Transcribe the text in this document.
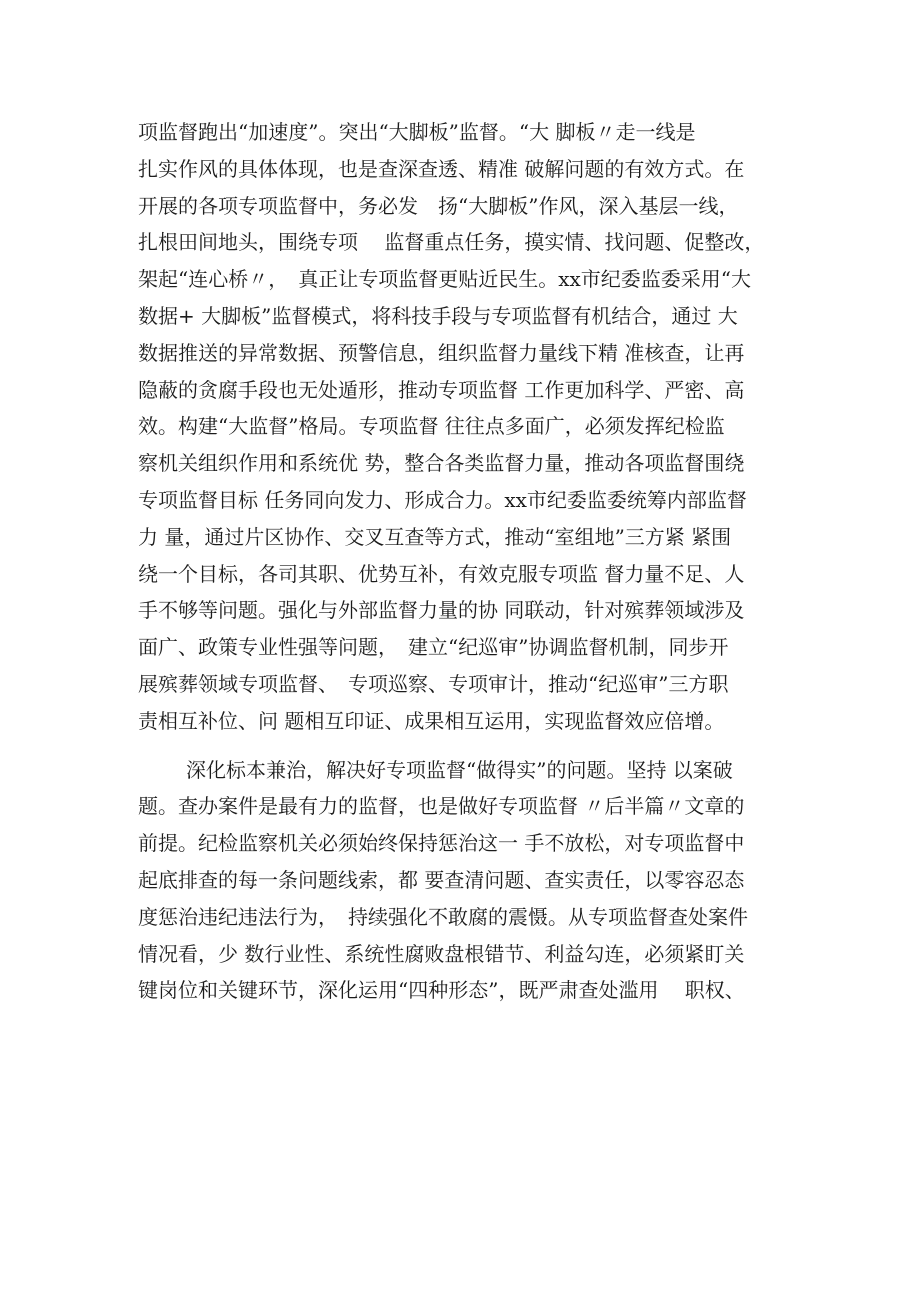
项监督跑出“加速度”。突出“大脚板”监督。“大 脚板〃走一线是
扎实作风的具体体现，也是查深查透、精准 破解问题的有效方式。在
开展的各项专项监督中，务必发　扬“大脚板”作风，深入基层一线，
扎根田间地头，围绕专项　 监督重点任务，摸实情、找问题、促整改，
架起“连心桥〃，　真正让专项监督更贴近民生。xx市纪委监委采用“大
数据+ 大脚板”监督模式，将科技手段与专项监督有机结合，通过 大
数据推送的异常数据、预警信息，组织监督力量线下精 准核查，让再
隐蔽的贪腐手段也无处遁形，推动专项监督 工作更加科学、严密、高
效。构建“大监督”格局。专项监督 往往点多面广，必须发挥纪检监
察机关组织作用和系统优 势，整合各类监督力量，推动各项监督围绕
专项监督目标 任务同向发力、形成合力。xx市纪委监委统筹内部监督
力 量，通过片区协作、交叉互查等方式，推动“室组地”三方紧 紧围
绕一个目标，各司其职、优势互补，有效克服专项监 督力量不足、人
手不够等问题。强化与外部监督力量的协 同联动，针对殡葬领域涉及
面广、政策专业性强等问题，　建立“纪巡审”协调监督机制，同步开
展殡葬领域专项监督、　专项巡察、专项审计，推动“纪巡审”三方职
责相互补位、问 题相互印证、成果相互运用，实现监督效应倍增。
深化标本兼治，解决好专项监督“做得实”的问题。坚持 以案破
题。查办案件是最有力的监督，也是做好专项监督 〃后半篇〃文章的
前提。纪检监察机关必须始终保持惩治这一 手不放松，对专项监督中
起底排查的每一条问题线索，都 要查清问题、查实责任，以零容忍态
度惩治违纪违法行为，　持续强化不敢腐的震慑。从专项监督查处案件
情况看，少 数行业性、系统性腐败盘根错节、利益勾连，必须紧盯关
键岗位和关键环节，深化运用“四种形态”，既严肃查处滥用　 职权、
